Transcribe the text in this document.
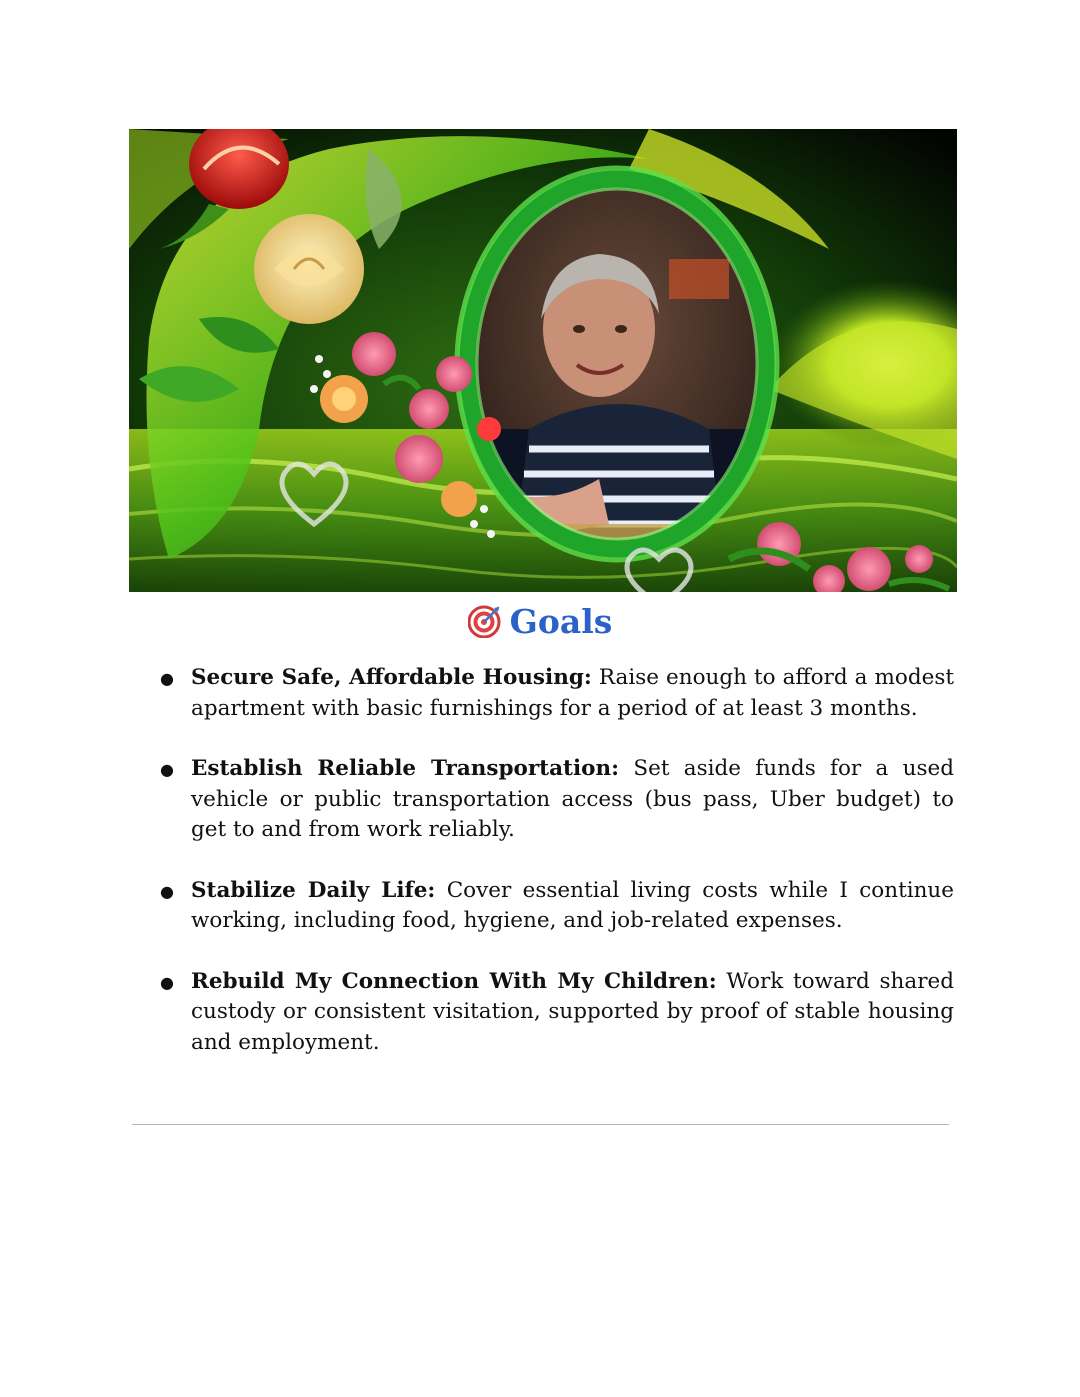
Goals
● Secure Safe, Affordable Housing: Raise enough to afford a modest apartment with basic furnishings for a period of at least 3 months.
● Establish Reliable Transportation: Set aside funds for a used vehicle or public transportation access (bus pass, Uber budget) to get to and from work reliably.
● Stabilize Daily Life: Cover essential living costs while I continue working, including food, hygiene, and job-related expenses.
● Rebuild My Connection With My Children: Work toward shared custody or consistent visitation, supported by proof of stable housing and employment.
